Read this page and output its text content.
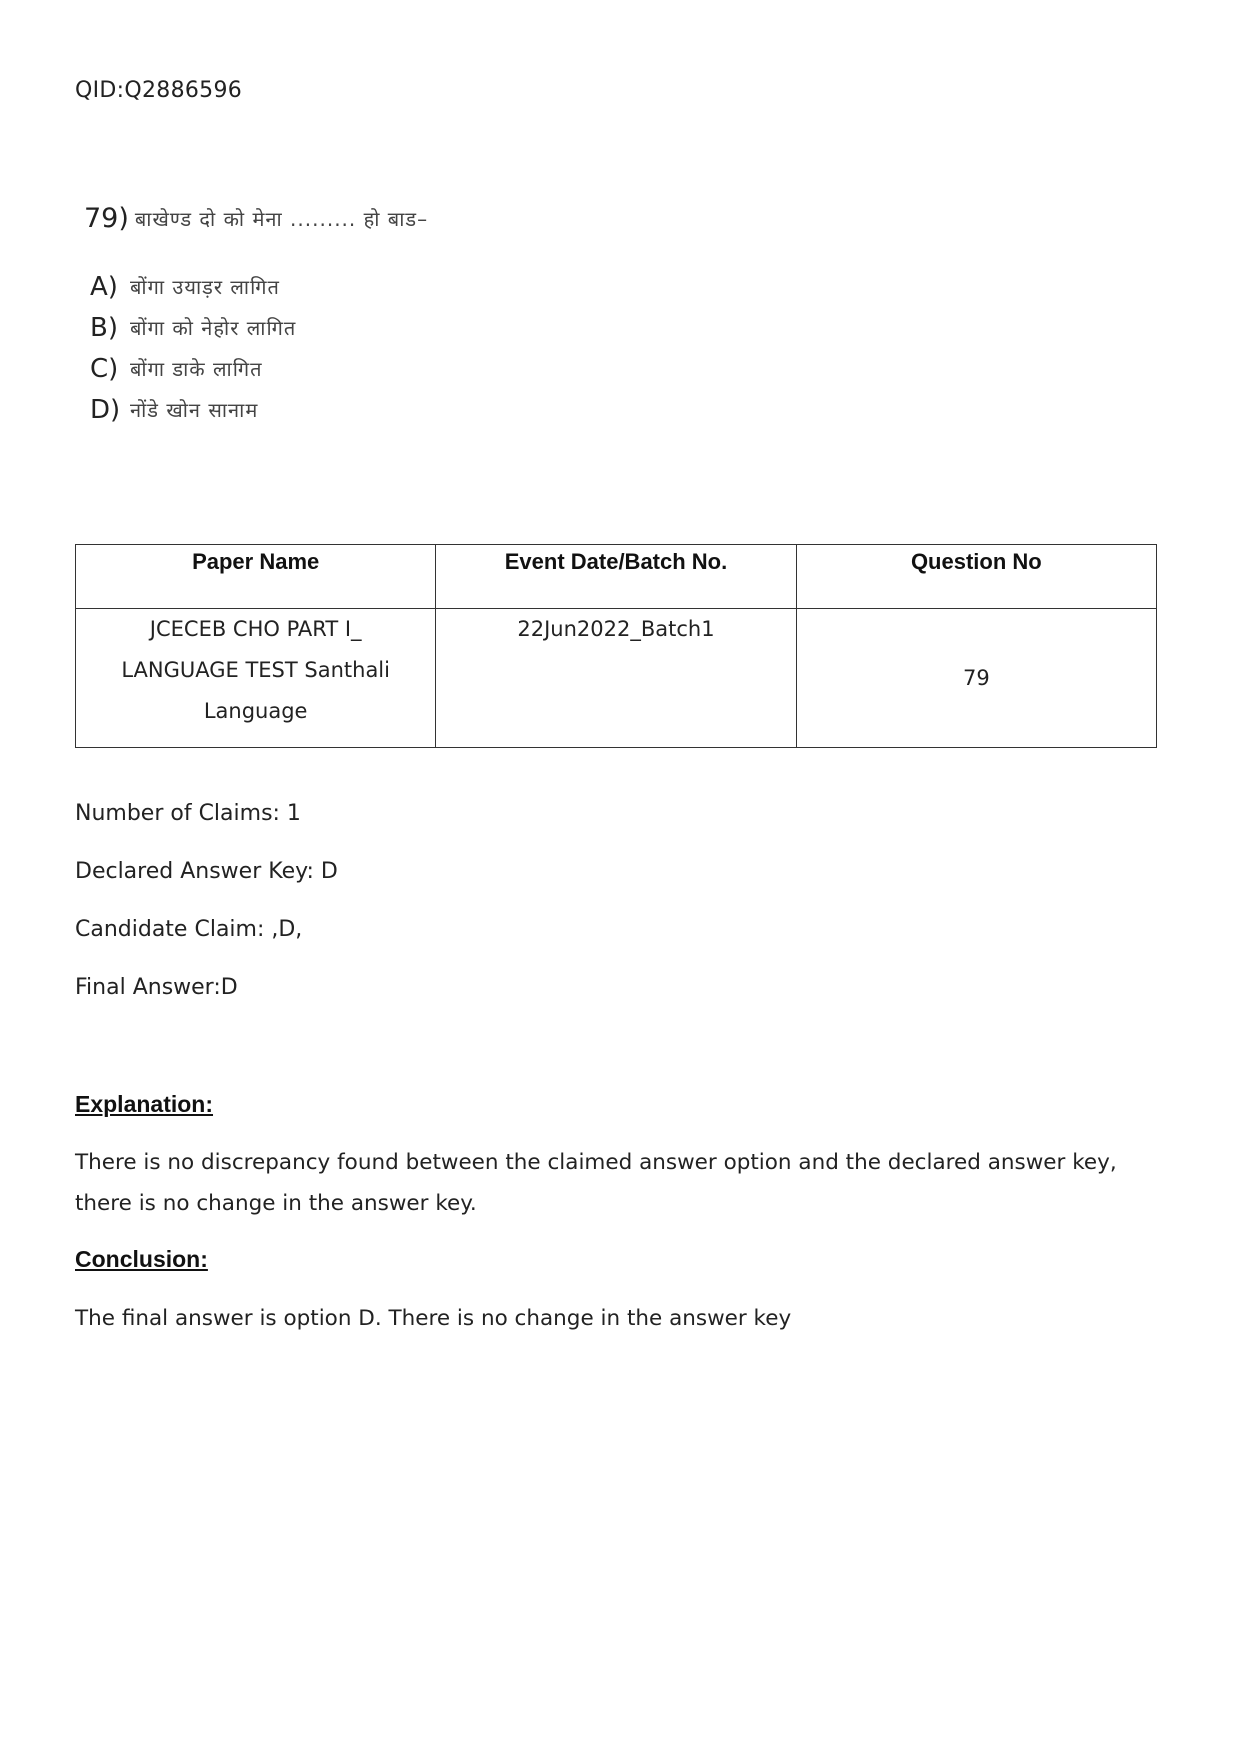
QID:Q2886596
79) बाखेण्ड दो को मेना ......... हो बाड–
A) बोंगा उयाड़र लागित
B) बोंगा को नेहोर लागित
C) बोंगा डाके लागित
D) नोंडे खोन सानाम
Paper Name	Event Date/Batch No.	Question No
JCECEB CHO PART I_
LANGUAGE TEST Santhali
Language	22Jun2022_Batch1	79

Number of Claims: 1

Declared Answer Key: D

Candidate Claim: ,D,

Final Answer:D

Explanation:
There is no discrepancy found between the claimed answer option and the declared answer key, there is no change in the answer key.
Conclusion:
The final answer is option D. There is no change in the answer key
